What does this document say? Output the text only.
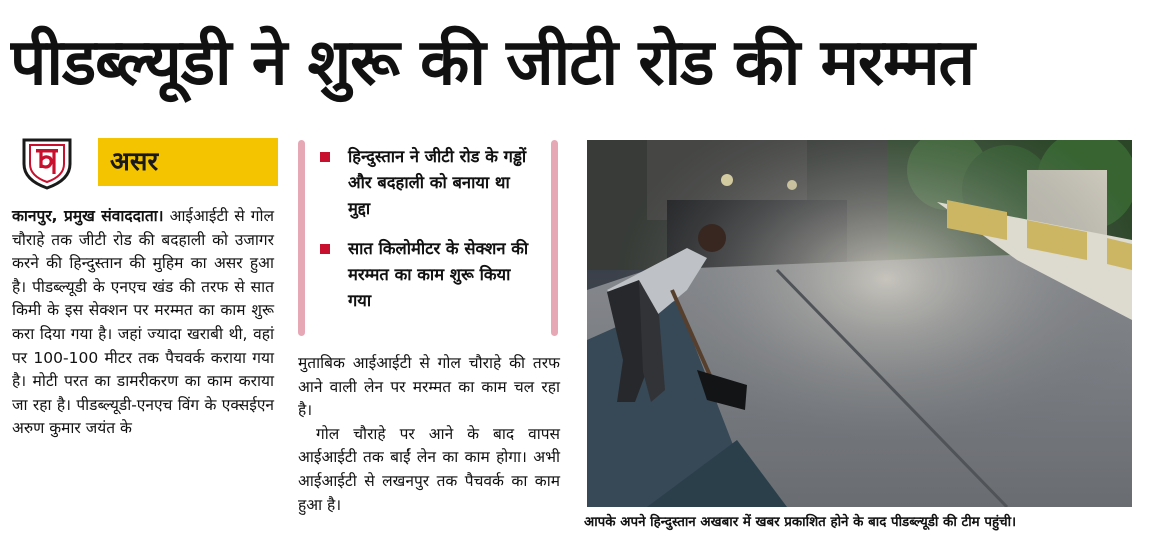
पीडब्ल्यूडी ने शुरू की जीटी रोड की मरम्मत
असर

कानपुर, प्रमुख संवाददाता। आईआईटी से गोल चौराहे तक जीटी रोड की बदहाली को उजागर करने की हिन्दुस्तान की मुहिम का असर हुआ है। पीडब्ल्यूडी के एनएच खंड की तरफ से सात किमी के इस सेक्शन पर मरम्मत का काम शुरू करा दिया गया है। जहां ज्यादा खराबी थी, वहां पर 100-100 मीटर तक पैचवर्क कराया गया है। मोटी परत का डामरीकरण का काम कराया जा रहा है। पीडब्ल्यूडी-एनएच विंग के एक्सईएन अरुण कुमार जयंत के

हिन्दुस्तान ने जीटी रोड के गड्ढों और बदहाली को बनाया था मुद्दा
सात किलोमीटर के सेक्शन की मरम्मत का काम शुरू किया गया

मुताबिक आईआईटी से गोल चौराहे की तरफ आने वाली लेन पर मरम्मत का काम चल रहा है।

गोल चौराहे पर आने के बाद वापस आईआईटी तक बाईं लेन का काम होगा। अभी आईआईटी से लखनपुर तक पैचवर्क का काम हुआ है।

आपके अपने हिन्दुस्तान अखबार में खबर प्रकाशित होने के बाद पीडब्ल्यूडी की टीम पहुंची।
